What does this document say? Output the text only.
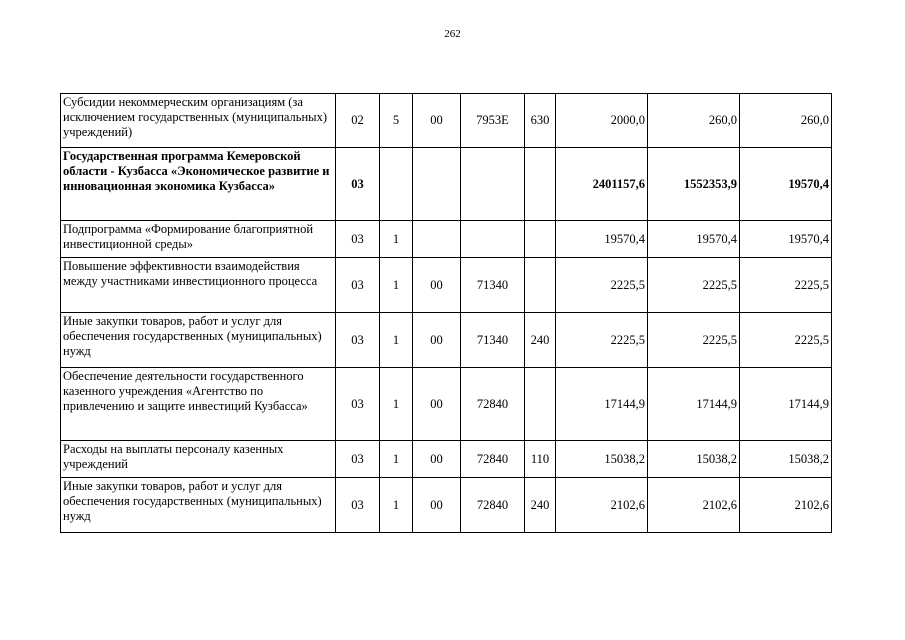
262
Субсидии некоммерческим организациям (за исключением государственных (муниципальных) учреждений)	02	5	00	7953E	630	2000,0	260,0	260,0
Государственная программа Кемеровской области - Кузбасса «Экономическое развитие и инновационная экономика Кузбасса»	03					2401157,6	1552353,9	19570,4
Подпрограмма «Формирование благоприятной инвестиционной среды»	03	1				19570,4	19570,4	19570,4
Повышение эффективности взаимодействия между участниками инвестиционного процесса	03	1	00	71340		2225,5	2225,5	2225,5
Иные закупки товаров, работ и услуг для обеспечения государственных (муниципальных) нужд	03	1	00	71340	240	2225,5	2225,5	2225,5
Обеспечение деятельности государственного казенного учреждения «Агентство по привлечению и защите инвестиций Кузбасса»	03	1	00	72840		17144,9	17144,9	17144,9
Расходы на выплаты персоналу казенных учреждений	03	1	00	72840	110	15038,2	15038,2	15038,2
Иные закупки товаров, работ и услуг для обеспечения государственных (муниципальных) нужд	03	1	00	72840	240	2102,6	2102,6	2102,6
